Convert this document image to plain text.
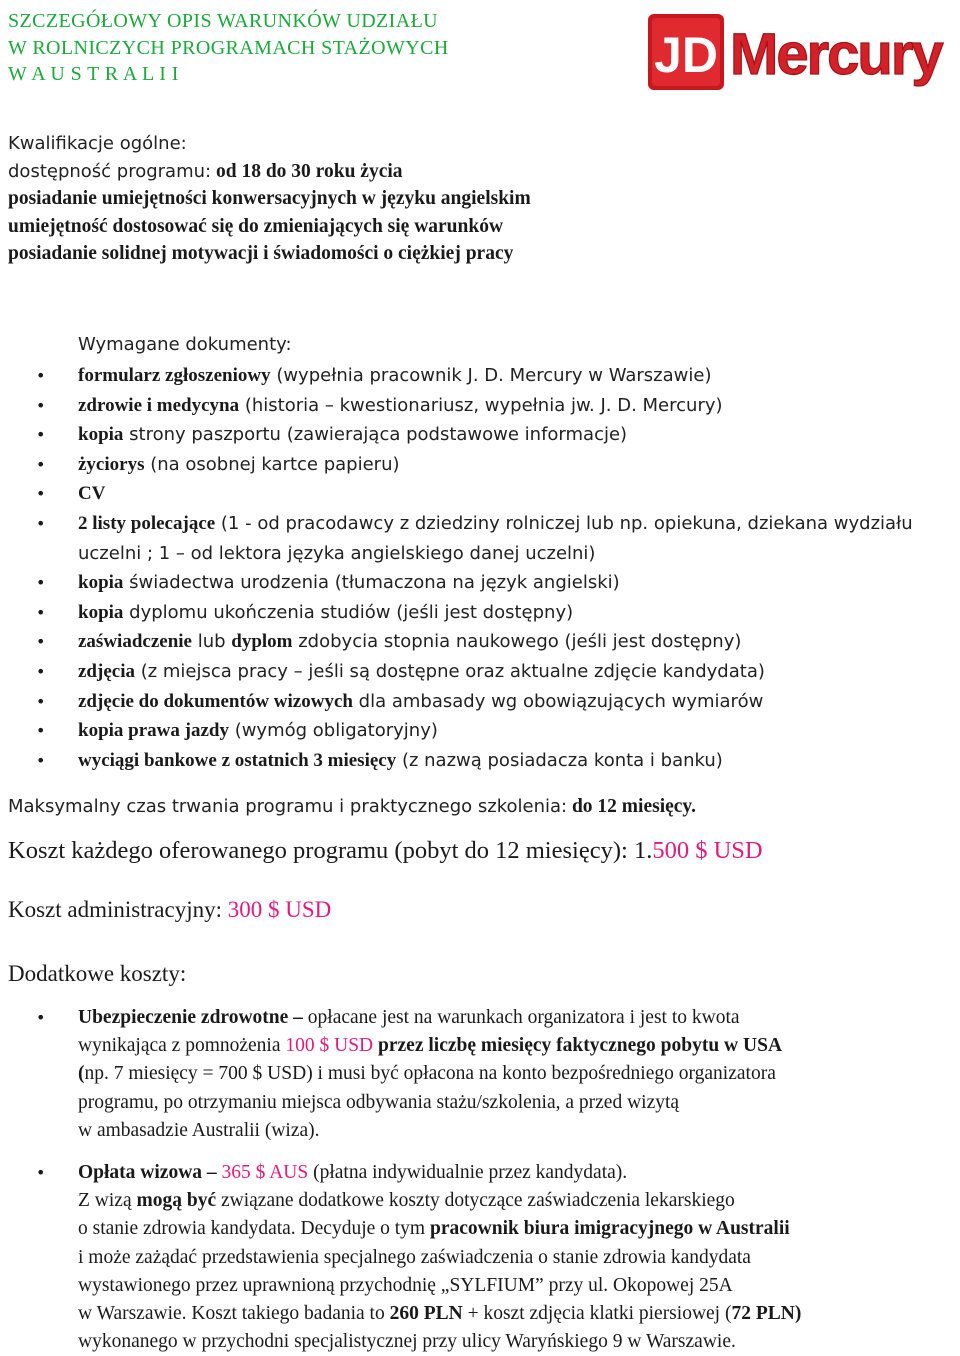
SZCZEGÓŁOWY OPIS WARUNKÓW UDZIAŁU
W ROLNICZYCH PROGRAMACH STAŻOWYCH
W A U S T R A L I I	JD Mercury
Kwalifikacje ogólne:
dostępność programu: od 18 do 30 roku życia
posiadanie umiejętności konwersacyjnych w języku angielskim
umiejętność dostosować się do zmieniających się warunków
posiadanie solidnej motywacji i świadomości o ciężkiej pracy
Wymagane dokumenty:
• formularz zgłoszeniowy (wypełnia pracownik J. D. Mercury w Warszawie)
• zdrowie i medycyna (historia – kwestionariusz, wypełnia jw. J. D. Mercury)
• kopia strony paszportu (zawierająca podstawowe informacje)
• życiorys (na osobnej kartce papieru)
• CV
• 2 listy polecające (1 - od pracodawcy z dziedziny rolniczej lub np. opiekuna, dziekana wydziału uczelni ; 1 – od lektora języka angielskiego danej uczelni)
• kopia świadectwa urodzenia (tłumaczona na język angielski)
• kopia dyplomu ukończenia studiów (jeśli jest dostępny)
• zaświadczenie lub dyplom zdobycia stopnia naukowego (jeśli jest dostępny)
• zdjęcia (z miejsca pracy – jeśli są dostępne oraz aktualne zdjęcie kandydata)
• zdjęcie do dokumentów wizowych dla ambasady wg obowiązujących wymiarów
• kopia prawa jazdy (wymóg obligatoryjny)
• wyciągi bankowe z ostatnich 3 miesięcy (z nazwą posiadacza konta i banku)
Maksymalny czas trwania programu i praktycznego szkolenia: do 12 miesięcy.
Koszt każdego oferowanego programu (pobyt do 12 miesięcy): 1.500 $ USD
Koszt administracyjny: 300 $ USD
Dodatkowe koszty:
• Ubezpieczenie zdrowotne – opłacane jest na warunkach organizatora i jest to kwota
wynikająca z pomnożenia 100 $ USD przez liczbę miesięcy faktycznego pobytu w USA
(np. 7 miesięcy = 700 $ USD) i musi być opłacona na konto bezpośredniego organizatora
programu, po otrzymaniu miejsca odbywania stażu/szkolenia, a przed wizytą
w ambasadzie Australii (wiza).
• Opłata wizowa – 365 $ AUS (płatna indywidualnie przez kandydata).
Z wizą mogą być związane dodatkowe koszty dotyczące zaświadczenia lekarskiego
o stanie zdrowia kandydata. Decyduje o tym pracownik biura imigracyjnego w Australii
i może zażądać przedstawienia specjalnego zaświadczenia o stanie zdrowia kandydata
wystawionego przez uprawnioną przychodnię „SYLFIUM” przy ul. Okopowej 25A
w Warszawie. Koszt takiego badania to 260 PLN + koszt zdjęcia klatki piersiowej (72 PLN)
wykonanego w przychodni specjalistycznej przy ulicy Waryńskiego 9 w Warszawie.
